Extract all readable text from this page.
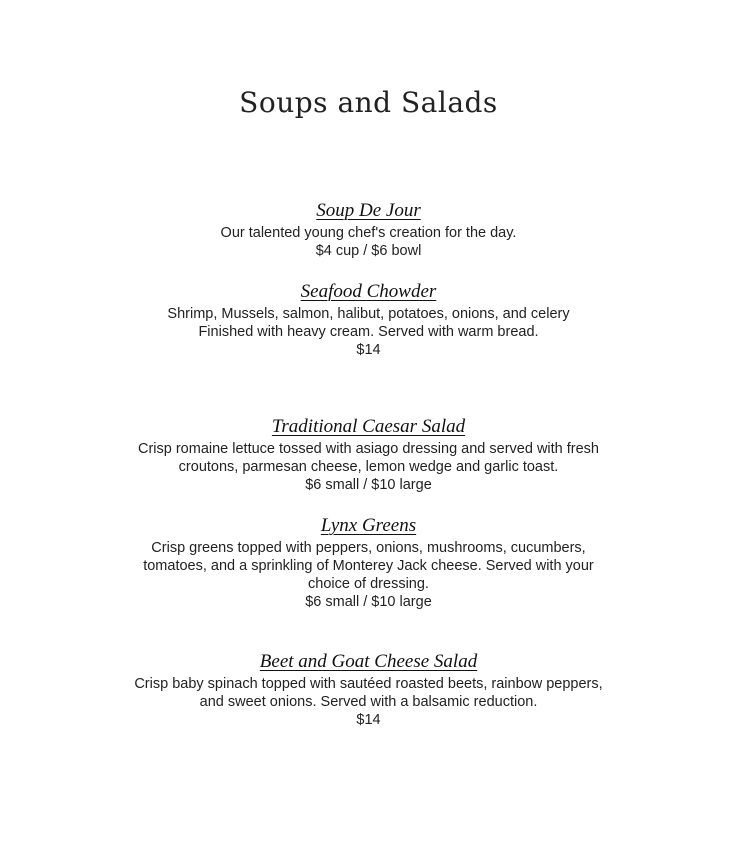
Soups and Salads
Soup De Jour
Our talented young chef's creation for the day.
$4 cup / $6 bowl
Seafood Chowder
Shrimp, Mussels, salmon, halibut, potatoes, onions, and celery
Finished with heavy cream. Served with warm bread.
$14
Traditional Caesar Salad
Crisp romaine lettuce tossed with asiago dressing and served with fresh
croutons, parmesan cheese, lemon wedge and garlic toast.
$6 small / $10 large
Lynx Greens
Crisp greens topped with peppers, onions, mushrooms, cucumbers,
tomatoes, and a sprinkling of Monterey Jack cheese. Served with your
choice of dressing.
$6 small / $10 large
Beet and Goat Cheese Salad
Crisp baby spinach topped with sautéed roasted beets, rainbow peppers,
and sweet onions. Served with a balsamic reduction.
$14
